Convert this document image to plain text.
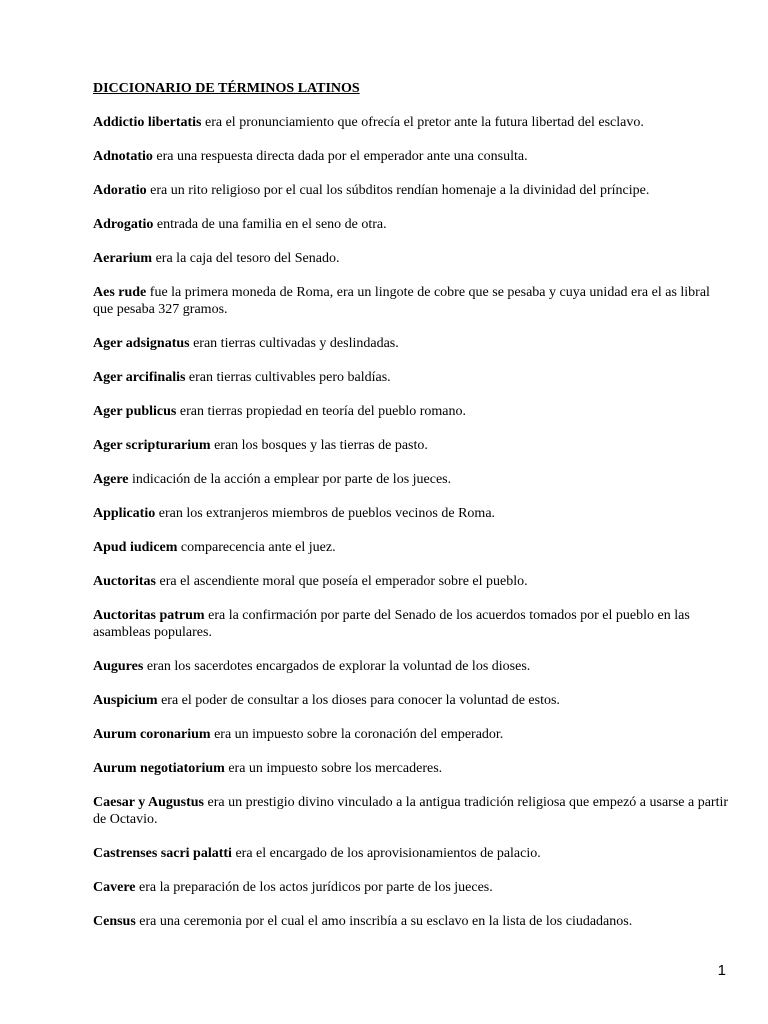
DICCIONARIO DE TÉRMINOS LATINOS

Addictio libertatis era el pronunciamiento que ofrecía el pretor ante la futura libertad del esclavo.

Adnotatio era una respuesta directa dada por el emperador ante una consulta.

Adoratio era un rito religioso por el cual los súbditos rendían homenaje a la divinidad del príncipe.

Adrogatio entrada de una familia en el seno de otra.

Aerarium era la caja del tesoro del Senado.

Aes rude fue la primera moneda de Roma, era un lingote de cobre que se pesaba y cuya unidad era el as libral que pesaba 327 gramos.

Ager adsignatus eran tierras cultivadas y deslindadas.

Ager arcifinalis eran tierras cultivables pero baldías.

Ager publicus eran tierras propiedad en teoría del pueblo romano.

Ager scripturarium eran los bosques y las tierras de pasto.

Agere indicación de la acción a emplear por parte de los jueces.

Applicatio eran los extranjeros miembros de pueblos vecinos de Roma.

Apud iudicem comparecencia ante el juez.

Auctoritas era el ascendiente moral que poseía el emperador sobre el pueblo.

Auctoritas patrum era la confirmación por parte del Senado de los acuerdos tomados por el pueblo en las asambleas populares.

Augures eran los sacerdotes encargados de explorar la voluntad de los dioses.

Auspicium era el poder de consultar a los dioses para conocer la voluntad de estos.

Aurum coronarium era un impuesto sobre la coronación del emperador.

Aurum negotiatorium era un impuesto sobre los mercaderes.

Caesar y Augustus era un prestigio divino vinculado a la antigua tradición religiosa que empezó a usarse a partir de Octavio.

Castrenses sacri palatti era el encargado de los aprovisionamientos de palacio.

Cavere era la preparación de los actos jurídicos por parte de los jueces.

Census era una ceremonia por el cual el amo inscribía a su esclavo en la lista de los ciudadanos.

1
